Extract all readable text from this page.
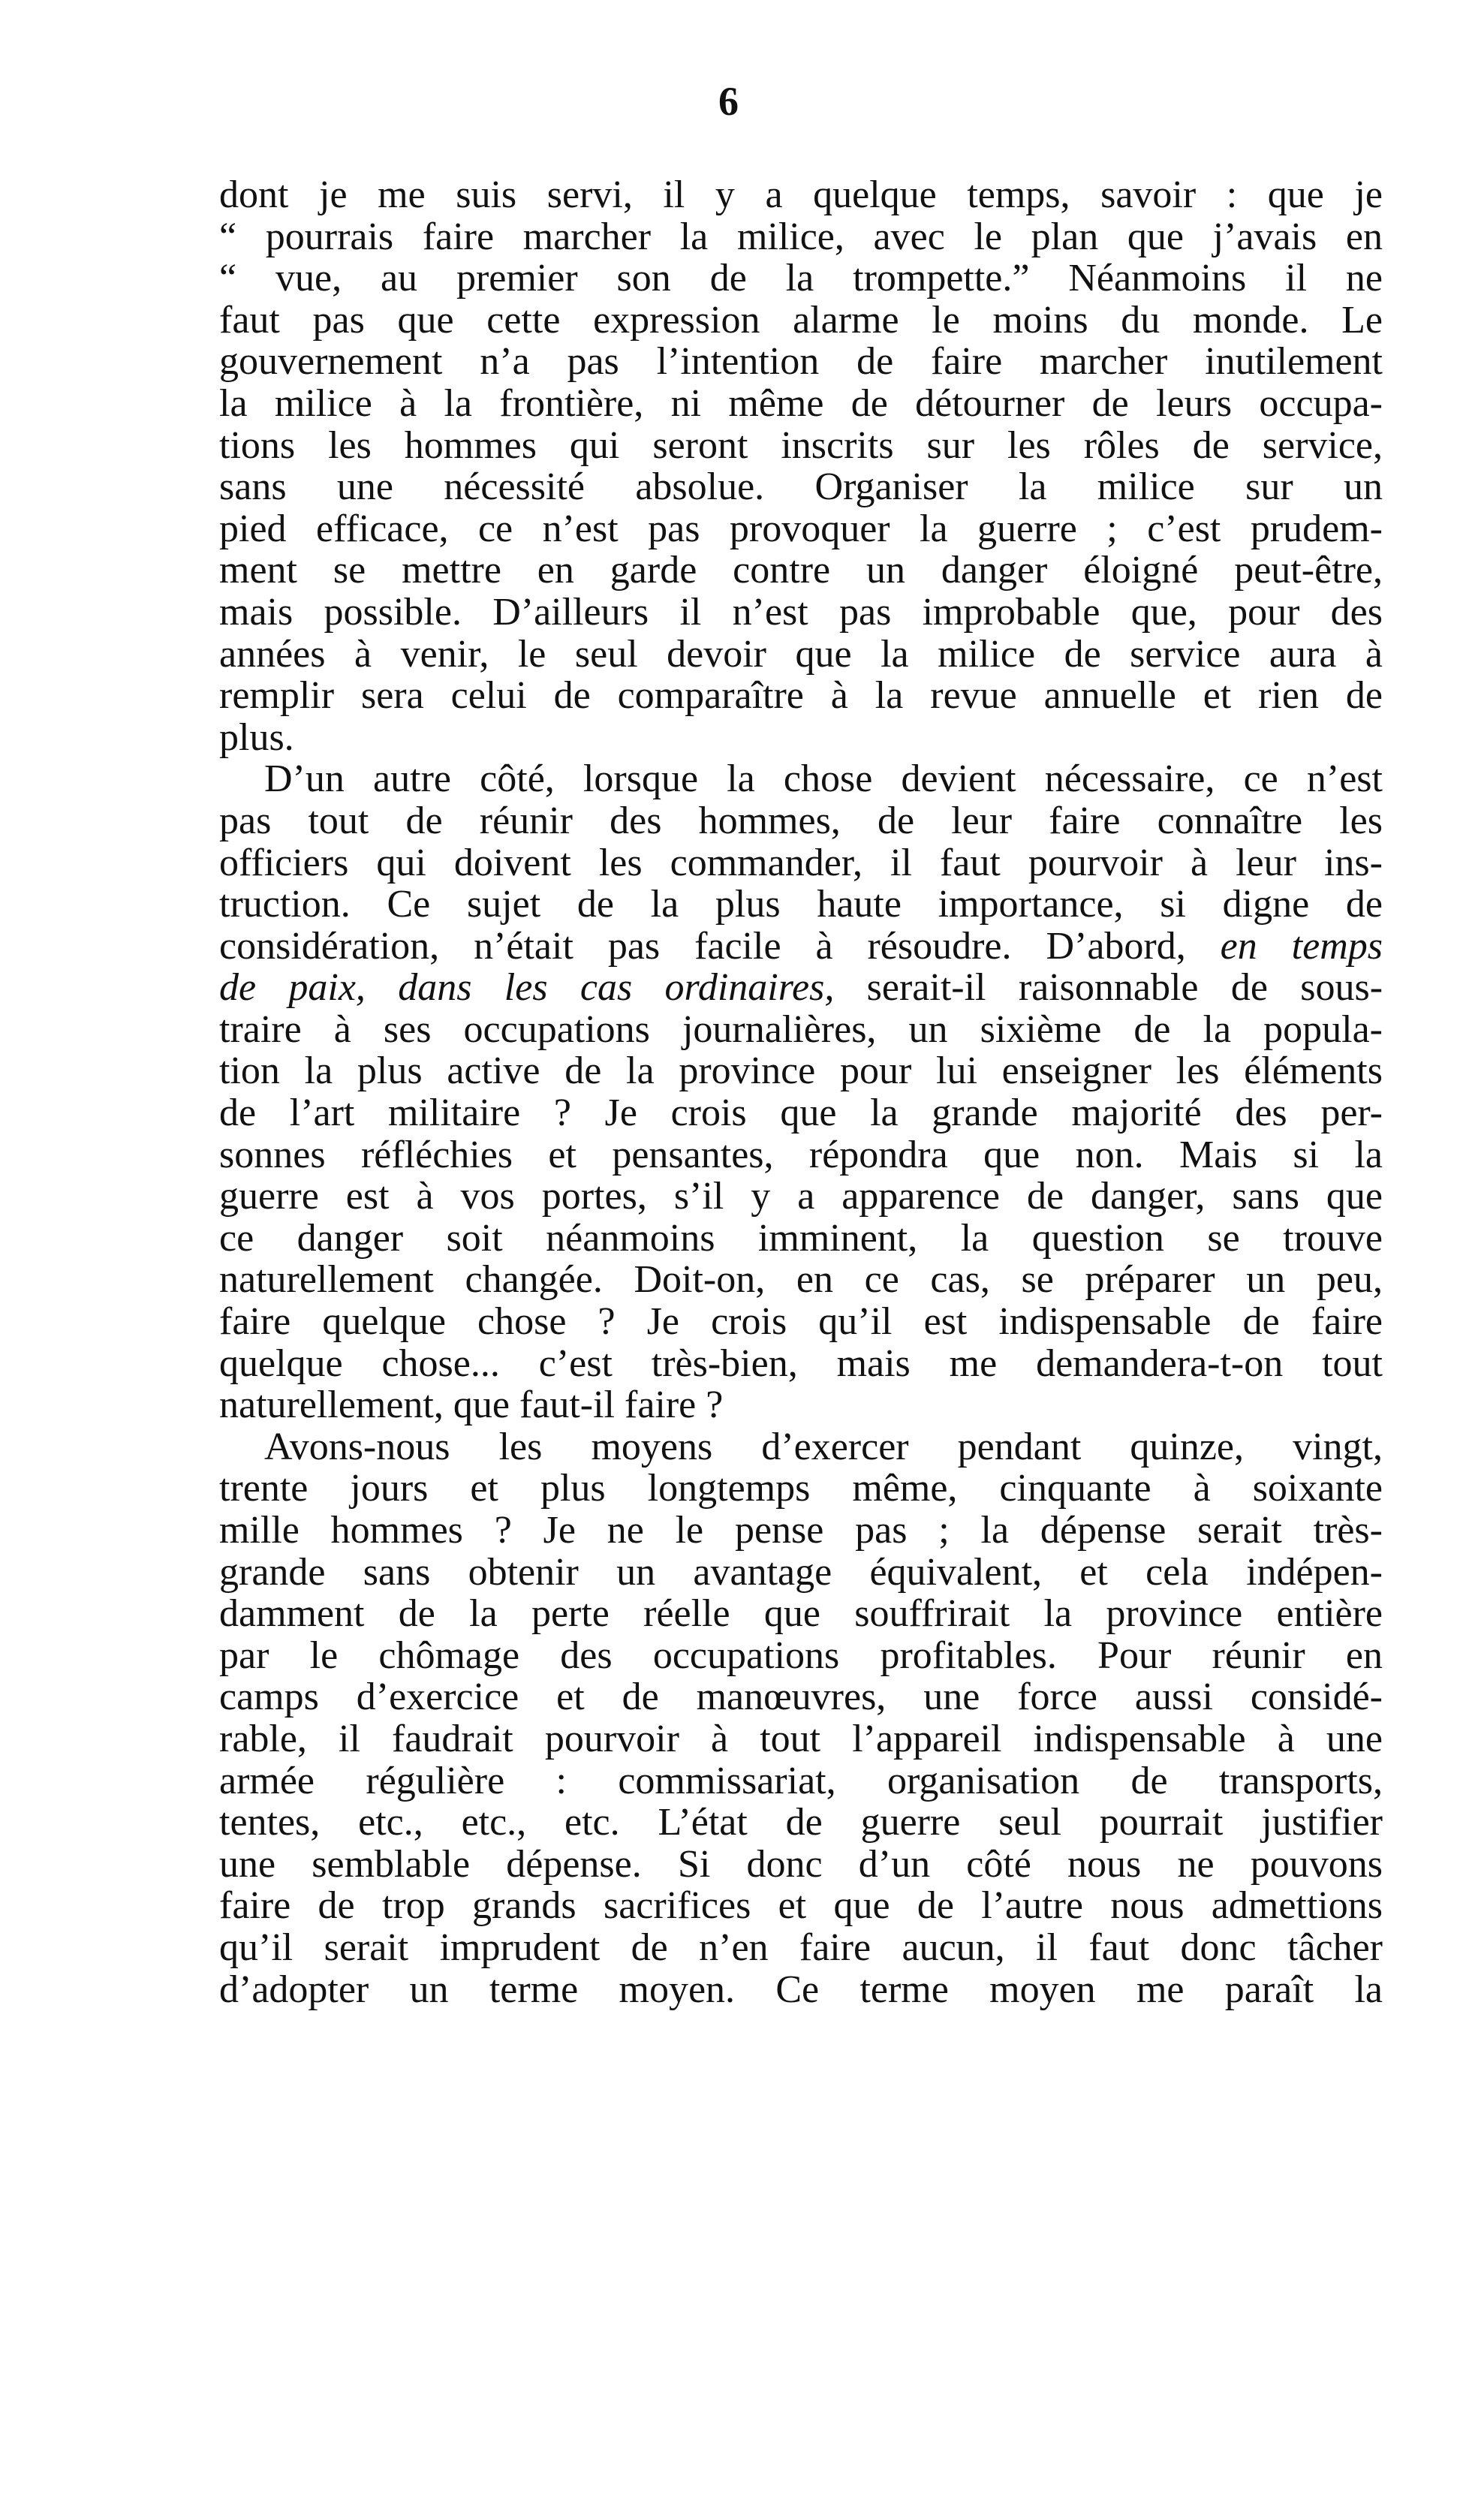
6
dont je me suis servi, il y a quelque temps, savoir : que je
“ pourrais faire marcher la milice, avec le plan que j’avais en
“ vue, au premier son de la trompette.” Néanmoins il ne
faut pas que cette expression alarme le moins du monde. Le
gouvernement n’a pas l’intention de faire marcher inutilement
la milice à la frontière, ni même de détourner de leurs occupa-
tions les hommes qui seront inscrits sur les rôles de service,
sans une nécessité absolue. Organiser la milice sur un
pied efficace, ce n’est pas provoquer la guerre ; c’est prudem-
ment se mettre en garde contre un danger éloigné peut-être,
mais possible. D’ailleurs il n’est pas improbable que, pour des
années à venir, le seul devoir que la milice de service aura à
remplir sera celui de comparaître à la revue annuelle et rien de
plus.
D’un autre côté, lorsque la chose devient nécessaire, ce n’est
pas tout de réunir des hommes, de leur faire connaître les
officiers qui doivent les commander, il faut pourvoir à leur ins-
truction. Ce sujet de la plus haute importance, si digne de
considération, n’était pas facile à résoudre. D’abord, en temps
de paix, dans les cas ordinaires, serait-il raisonnable de sous-
traire à ses occupations journalières, un sixième de la popula-
tion la plus active de la province pour lui enseigner les éléments
de l’art militaire ? Je crois que la grande majorité des per-
sonnes réfléchies et pensantes, répondra que non. Mais si la
guerre est à vos portes, s’il y a apparence de danger, sans que
ce danger soit néanmoins imminent, la question se trouve
naturellement changée. Doit-on, en ce cas, se préparer un peu,
faire quelque chose ? Je crois qu’il est indispensable de faire
quelque chose... c’est très-bien, mais me demandera-t-on tout
naturellement, que faut-il faire ?
Avons-nous les moyens d’exercer pendant quinze, vingt,
trente jours et plus longtemps même, cinquante à soixante
mille hommes ? Je ne le pense pas ; la dépense serait très-
grande sans obtenir un avantage équivalent, et cela indépen-
damment de la perte réelle que souffrirait la province entière
par le chômage des occupations profitables. Pour réunir en
camps d’exercice et de manœuvres, une force aussi considé-
rable, il faudrait pourvoir à tout l’appareil indispensable à une
armée régulière : commissariat, organisation de transports,
tentes, etc., etc., etc. L’état de guerre seul pourrait justifier
une semblable dépense. Si donc d’un côté nous ne pouvons
faire de trop grands sacrifices et que de l’autre nous admettions
qu’il serait imprudent de n’en faire aucun, il faut donc tâcher
d’adopter un terme moyen. Ce terme moyen me paraît la
